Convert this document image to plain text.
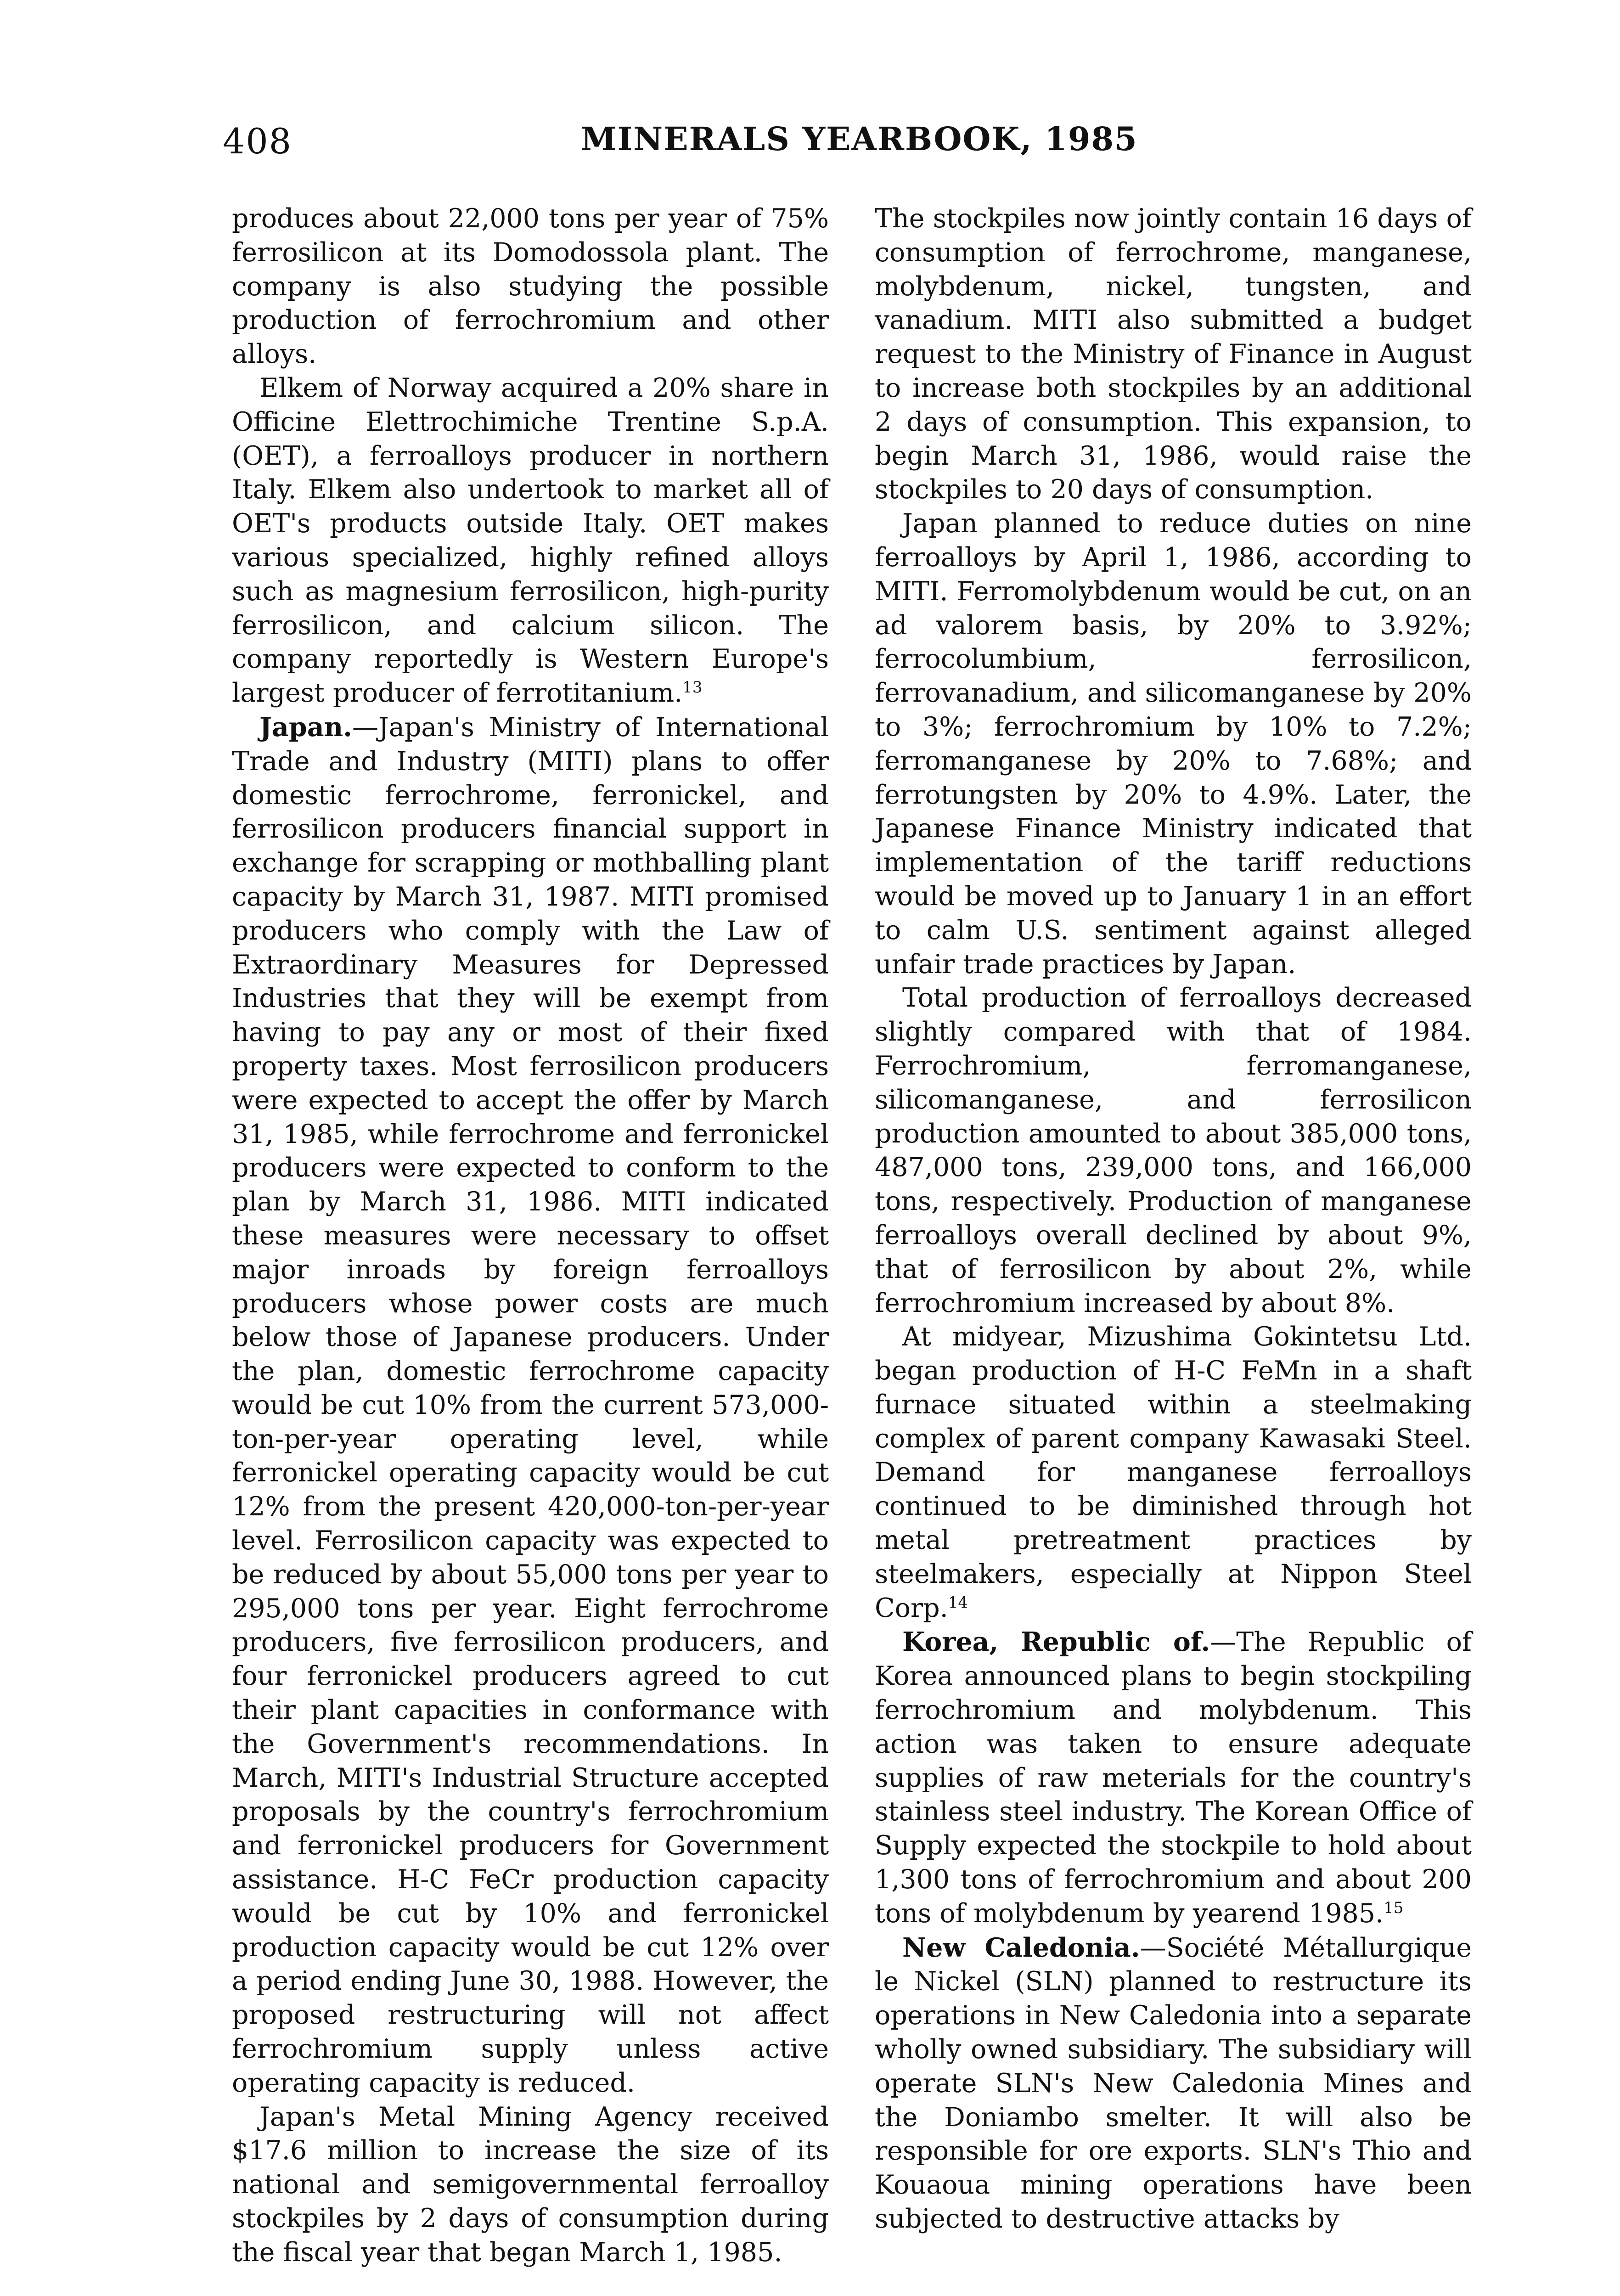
408	MINERALS YEARBOOK, 1985

produces about 22,000 tons per year of 75% ferrosilicon at its Domodossola plant. The company is also studying the possible production of ferrochromium and other alloys.

Elkem of Norway acquired a 20% share in Officine Elettrochimiche Trentine S.p.A. (OET), a ferroalloys producer in northern Italy. Elkem also undertook to market all of OET's products outside Italy. OET makes various specialized, highly refined alloys such as magnesium ferrosilicon, high-purity ferrosilicon, and calcium silicon. The company reportedly is Western Europe's largest producer of ferrotitanium.$^{13}$

Japan.—Japan's Ministry of International Trade and Industry (MITI) plans to offer domestic ferrochrome, ferronickel, and ferrosilicon producers financial support in exchange for scrapping or mothballing plant capacity by March 31, 1987. MITI promised producers who comply with the Law of Extraordinary Measures for Depressed Industries that they will be exempt from having to pay any or most of their fixed property taxes. Most ferrosilicon producers were expected to accept the offer by March 31, 1985, while ferrochrome and ferronickel producers were expected to conform to the plan by March 31, 1986. MITI indicated these measures were necessary to offset major inroads by foreign ferroalloys producers whose power costs are much below those of Japanese producers. Under the plan, domestic ferrochrome capacity would be cut 10% from the current 573,000-ton-per-year operating level, while ferronickel operating capacity would be cut 12% from the present 420,000-ton-per-year level. Ferrosilicon capacity was expected to be reduced by about 55,000 tons per year to 295,000 tons per year. Eight ferrochrome producers, five ferrosilicon producers, and four ferronickel producers agreed to cut their plant capacities in conformance with the Government's recommendations. In March, MITI's Industrial Structure accepted proposals by the country's ferrochromium and ferronickel producers for Government assistance. H-C FeCr production capacity would be cut by 10% and ferronickel production capacity would be cut 12% over a period ending June 30, 1988. However, the proposed restructuring will not affect ferrochromium supply unless active operating capacity is reduced.

Japan's Metal Mining Agency received $17.6 million to increase the size of its national and semigovernmental ferroalloy stockpiles by 2 days of consumption during the fiscal year that began March 1, 1985.

The stockpiles now jointly contain 16 days of consumption of ferrochrome, manganese, molybdenum, nickel, tungsten, and vanadium. MITI also submitted a budget request to the Ministry of Finance in August to increase both stockpiles by an additional 2 days of consumption. This expansion, to begin March 31, 1986, would raise the stockpiles to 20 days of consumption.

Japan planned to reduce duties on nine ferroalloys by April 1, 1986, according to MITI. Ferromolybdenum would be cut, on an ad valorem basis, by 20% to 3.92%; ferrocolumbium, ferrosilicon, ferrovanadium, and silicomanganese by 20% to 3%; ferrochromium by 10% to 7.2%; ferromanganese by 20% to 7.68%; and ferrotungsten by 20% to 4.9%. Later, the Japanese Finance Ministry indicated that implementation of the tariff reductions would be moved up to January 1 in an effort to calm U.S. sentiment against alleged unfair trade practices by Japan.

Total production of ferroalloys decreased slightly compared with that of 1984. Ferrochromium, ferromanganese, silicomanganese, and ferrosilicon production amounted to about 385,000 tons, 487,000 tons, 239,000 tons, and 166,000 tons, respectively. Production of manganese ferroalloys overall declined by about 9%, that of ferrosilicon by about 2%, while ferrochromium increased by about 8%.

At midyear, Mizushima Gokintetsu Ltd. began production of H-C FeMn in a shaft furnace situated within a steelmaking complex of parent company Kawasaki Steel. Demand for manganese ferroalloys continued to be diminished through hot metal pretreatment practices by steelmakers, especially at Nippon Steel Corp.$^{14}$

Korea, Republic of.—The Republic of Korea announced plans to begin stockpiling ferrochromium and molybdenum. This action was taken to ensure adequate supplies of raw meterials for the country's stainless steel industry. The Korean Office of Supply expected the stockpile to hold about 1,300 tons of ferrochromium and about 200 tons of molybdenum by yearend 1985.15

New Caledonia.—Société Métallurgique le Nickel (SLN) planned to restructure its operations in New Caledonia into a separate wholly owned subsidiary. The subsidiary will operate SLN's New Caledonia Mines and the Doniambo smelter. It will also be responsible for ore exports. SLN's Thio and Kouaoua mining operations have been subjected to destructive attacks by
